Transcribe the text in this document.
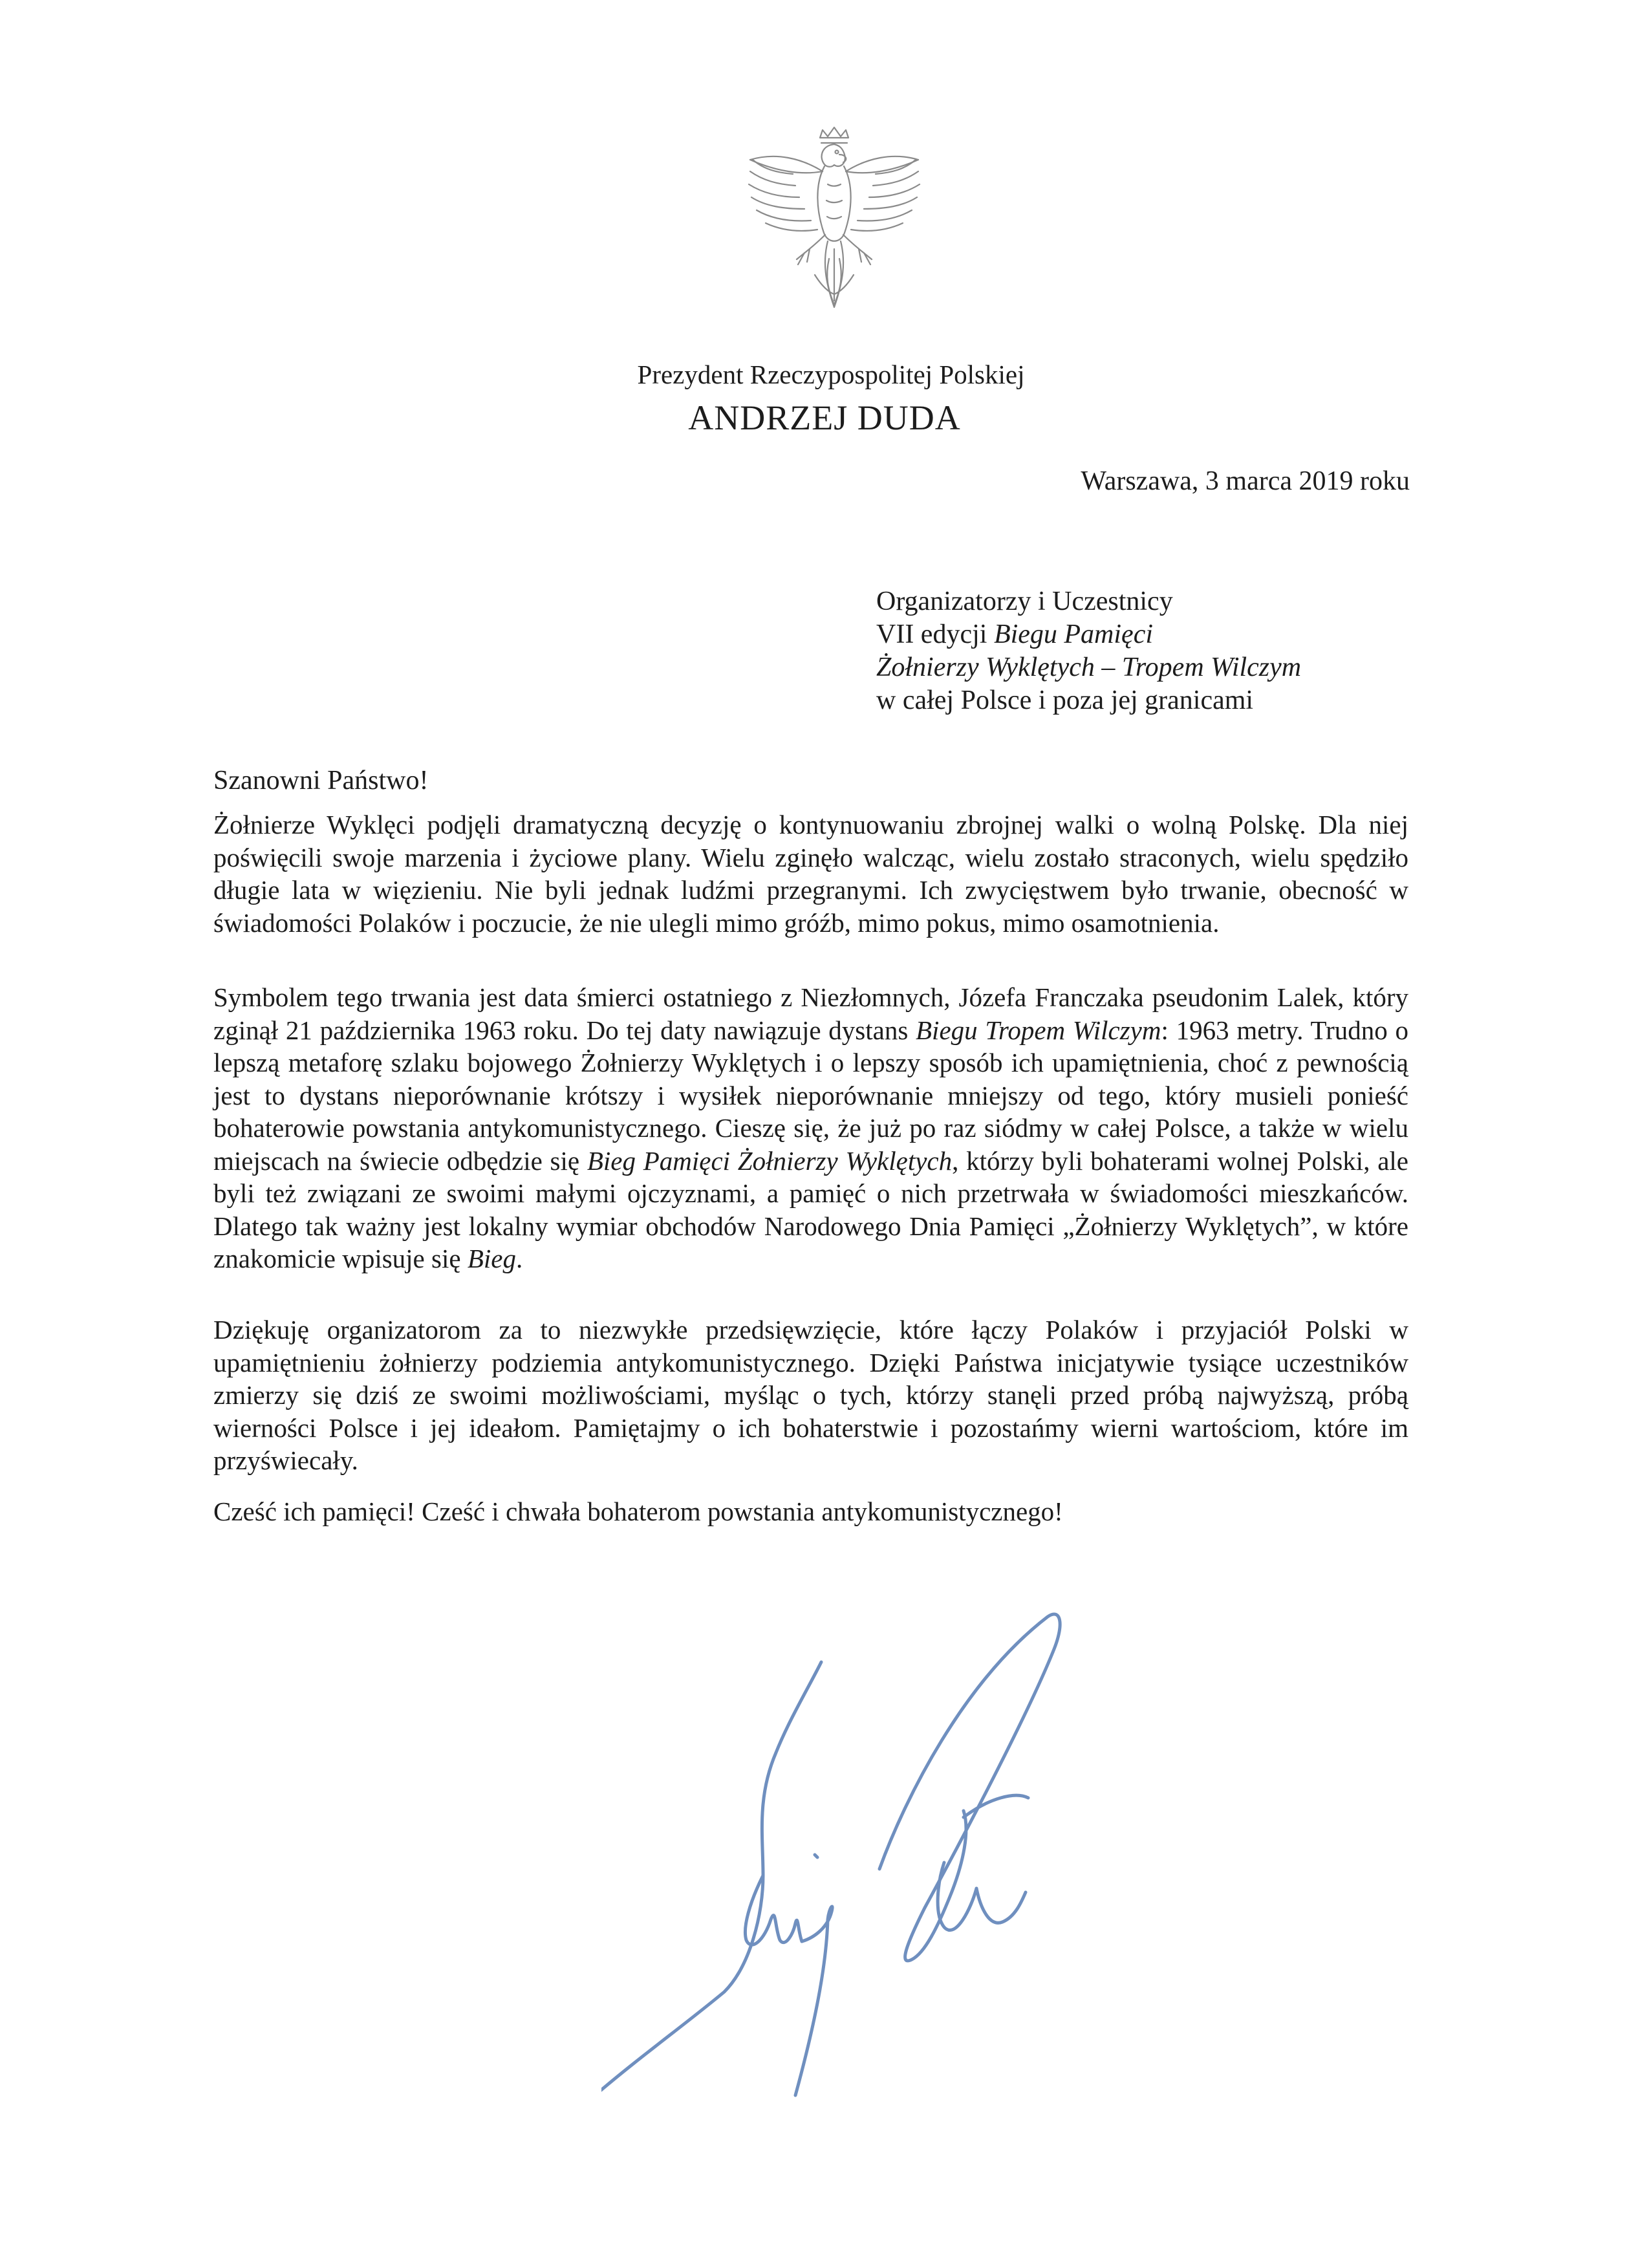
Prezydent Rzeczypospolitej Polskiej
ANDRZEJ DUDA
Warszawa, 3 marca 2019 roku
Organizatorzy i Uczestnicy
VII edycji Biegu Pamięci
Żołnierzy Wyklętych – Tropem Wilczym
w całej Polsce i poza jej granicami
Szanowni Państwo!
Żołnierze Wyklęci podjęli dramatyczną decyzję o kontynuowaniu zbrojnej walki o wolną Polskę. Dla niej poświęcili swoje marzenia i życiowe plany. Wielu zginęło walcząc, wielu zostało straconych, wielu spędziło długie lata w więzieniu. Nie byli jednak ludźmi przegranymi. Ich zwycięstwem było trwanie, obecność w świadomości Polaków i poczucie, że nie ulegli mimo gróźb, mimo pokus, mimo osamotnienia.
Symbolem tego trwania jest data śmierci ostatniego z Niezłomnych, Józefa Franczaka pseudonim Lalek, który zginął 21 października 1963 roku. Do tej daty nawiązuje dystans Biegu Tropem Wilczym: 1963 metry. Trudno o lepszą metaforę szlaku bojowego Żołnierzy Wyklętych i o lepszy sposób ich upamiętnienia, choć z pewnością jest to dystans nieporównanie krótszy i wysiłek nieporównanie mniejszy od tego, który musieli ponieść bohaterowie powstania antykomunistycznego. Cieszę się, że już po raz siódmy w całej Polsce, a także w wielu miejscach na świecie odbędzie się Bieg Pamięci Żołnierzy Wyklętych, którzy byli bohaterami wolnej Polski, ale byli też związani ze swoimi małymi ojczyznami, a pamięć o nich przetrwała w świadomości mieszkańców. Dlatego tak ważny jest lokalny wymiar obchodów Narodowego Dnia Pamięci „Żołnierzy Wyklętych”, w które znakomicie wpisuje się Bieg.
Dziękuję organizatorom za to niezwykłe przedsięwzięcie, które łączy Polaków i przyjaciół Polski w upamiętnieniu żołnierzy podziemia antykomunistycznego. Dzięki Państwa inicjatywie tysiące uczestników zmierzy się dziś ze swoimi możliwościami, myśląc o tych, którzy stanęli przed próbą najwyższą, próbą wierności Polsce i jej ideałom. Pamiętajmy o ich bohaterstwie i pozostańmy wierni wartościom, które im przyświecały.
Cześć ich pamięci! Cześć i chwała bohaterom powstania antykomunistycznego!
